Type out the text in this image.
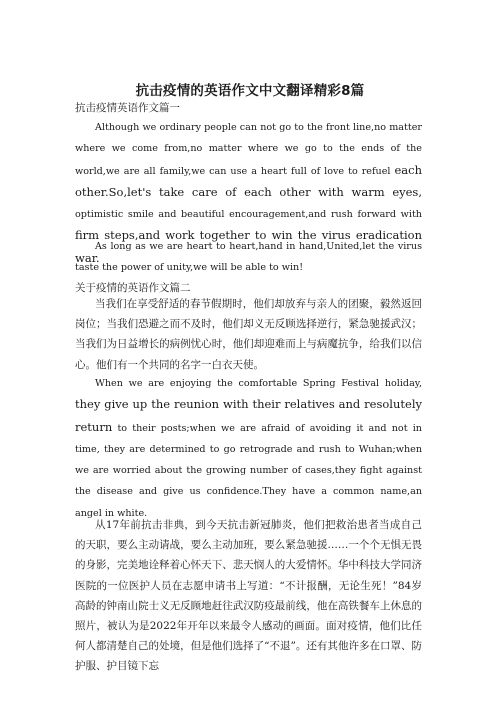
抗击疫情的英语作文中文翻译精彩8篇
抗击疫情英语作文篇一
Although we ordinary people can not go to the front line,no matter where we come from,no matter where we go to the ends of the world,we are all family,we can use a heart full of love to refuel each other.So,let's take care of each other with warm eyes, optimistic smile and beautiful encouragement,and rush forward with firm steps,and work together to win the virus eradication war.
As long as we are heart to heart,hand in hand,United,let the virus taste the power of unity,we will be able to win!
关于疫情的英语作文篇二
当我们在享受舒适的春节假期时，他们却放弃与亲人的团聚，毅然返回岗位；当我们恐避之而不及时，他们却义无反顾选择逆行，紧急驰援武汉；当我们为日益增长的病例忧心时，他们却迎难而上与病魔抗争，给我们以信心。他们有一个共同的名字一白衣天使。
When we are enjoying the comfortable Spring Festival holiday, they give up the reunion with their relatives and resolutely return to their posts;when we are afraid of avoiding it and not in time, they are determined to go retrograde and rush to Wuhan;when we are worried about the growing number of cases,they fight against the disease and give us confidence.They have a common name,an angel in white.
从17年前抗击非典，到今天抗击新冠肺炎，他们把救治患者当成自己的天职，要么主动请战，要么主动加班，要么紧急驰援……一个个无惧无畏的身影，完美地诠释着心怀天下、悲天悯人的大爱情怀。华中科技大学同济医院的一位医护人员在志愿申请书上写道：“不计报酬，无论生死！”84岁高龄的钟南山院士义无反顾地赶往武汉防疫最前线，他在高铁餐车上休息的照片，被认为是2022年开年以来最令人感动的画面。面对疫情，他们比任何人都清楚自己的处境，但是他们选择了“不退”。还有其他许多在口罩、防护服、护目镜下忘
